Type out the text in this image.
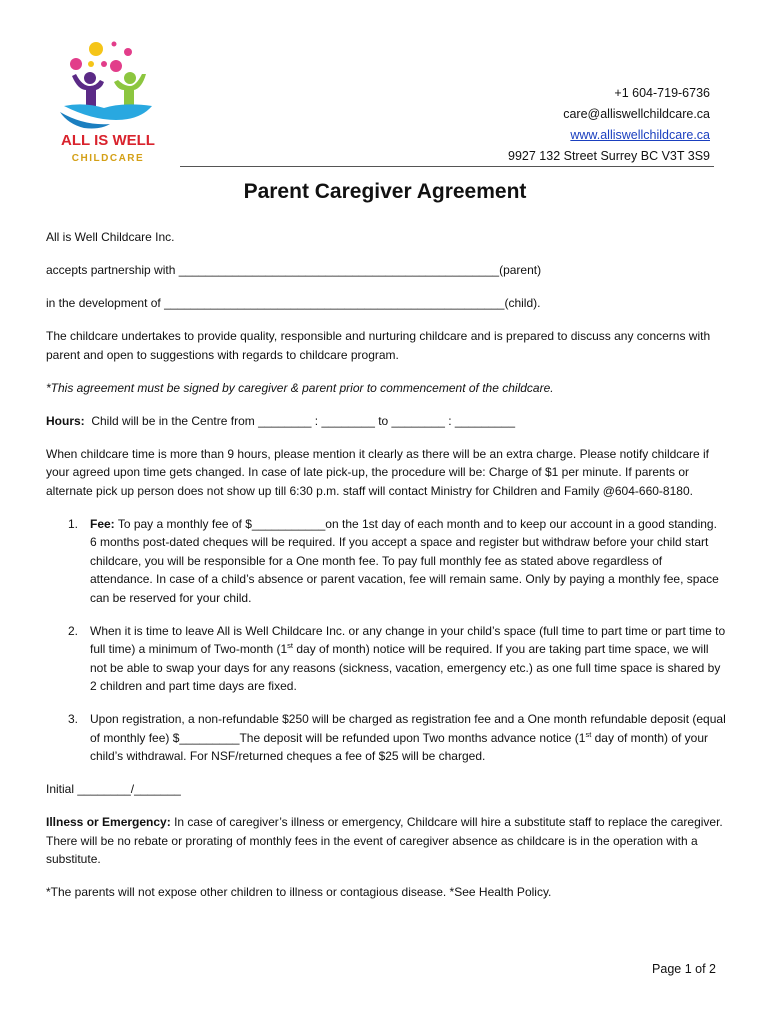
ALL IS WELL
CHILDCARE
+1 604-719-6736
care@alliswellchildcare.ca
www.alliswellchildcare.ca
9927 132 Street Surrey BC V3T 3S9
Parent Caregiver Agreement

All is Well Childcare Inc.

accepts partnership with ________________________________________________(parent)

in the development of ___________________________________________________(child).

The childcare undertakes to provide quality, responsible and nurturing childcare and is prepared to discuss any concerns with parent and open to suggestions with regards to childcare program.

*This agreement must be signed by caregiver & parent prior to commencement of the childcare.

Hours: Child will be in the Centre from ________ : ________ to ________ : _________

When childcare time is more than 9 hours, please mention it clearly as there will be an extra charge. Please notify childcare if your agreed upon time gets changed. In case of late pick-up, the procedure will be: Charge of $1 per minute. If parents or alternate pick up person does not show up till 6:30 p.m. staff will contact Ministry for Children and Family @604-660-8180.

1. Fee: To pay a monthly fee of $___________on the 1st day of each month and to keep our account in a good standing. 6 months post-dated cheques will be required. If you accept a space and register but withdraw before your child start childcare, you will be responsible for a One month fee. To pay full monthly fee as stated above regardless of attendance. In case of a child’s absence or parent vacation, fee will remain same. Only by paying a monthly fee, space can be reserved for your child.
2. When it is time to leave All is Well Childcare Inc. or any change in your child’s space (full time to part time or part time to full time) a minimum of Two-month (1st day of month) notice will be required. If you are taking part time space, we will not be able to swap your days for any reasons (sickness, vacation, emergency etc.) as one full time space is shared by 2 children and part time days are fixed.
3. Upon registration, a non-refundable $250 will be charged as registration fee and a One month refundable deposit (equal of monthly fee) $_________The deposit will be refunded upon Two months advance notice (1st day of month) of your child’s withdrawal. For NSF/returned cheques a fee of $25 will be charged.

Initial ________/_______

Illness or Emergency: In case of caregiver’s illness or emergency, Childcare will hire a substitute staff to replace the caregiver. There will be no rebate or prorating of monthly fees in the event of caregiver absence as childcare is in the operation with a substitute.

*The parents will not expose other children to illness or contagious disease. *See Health Policy.

Page 1 of 2
